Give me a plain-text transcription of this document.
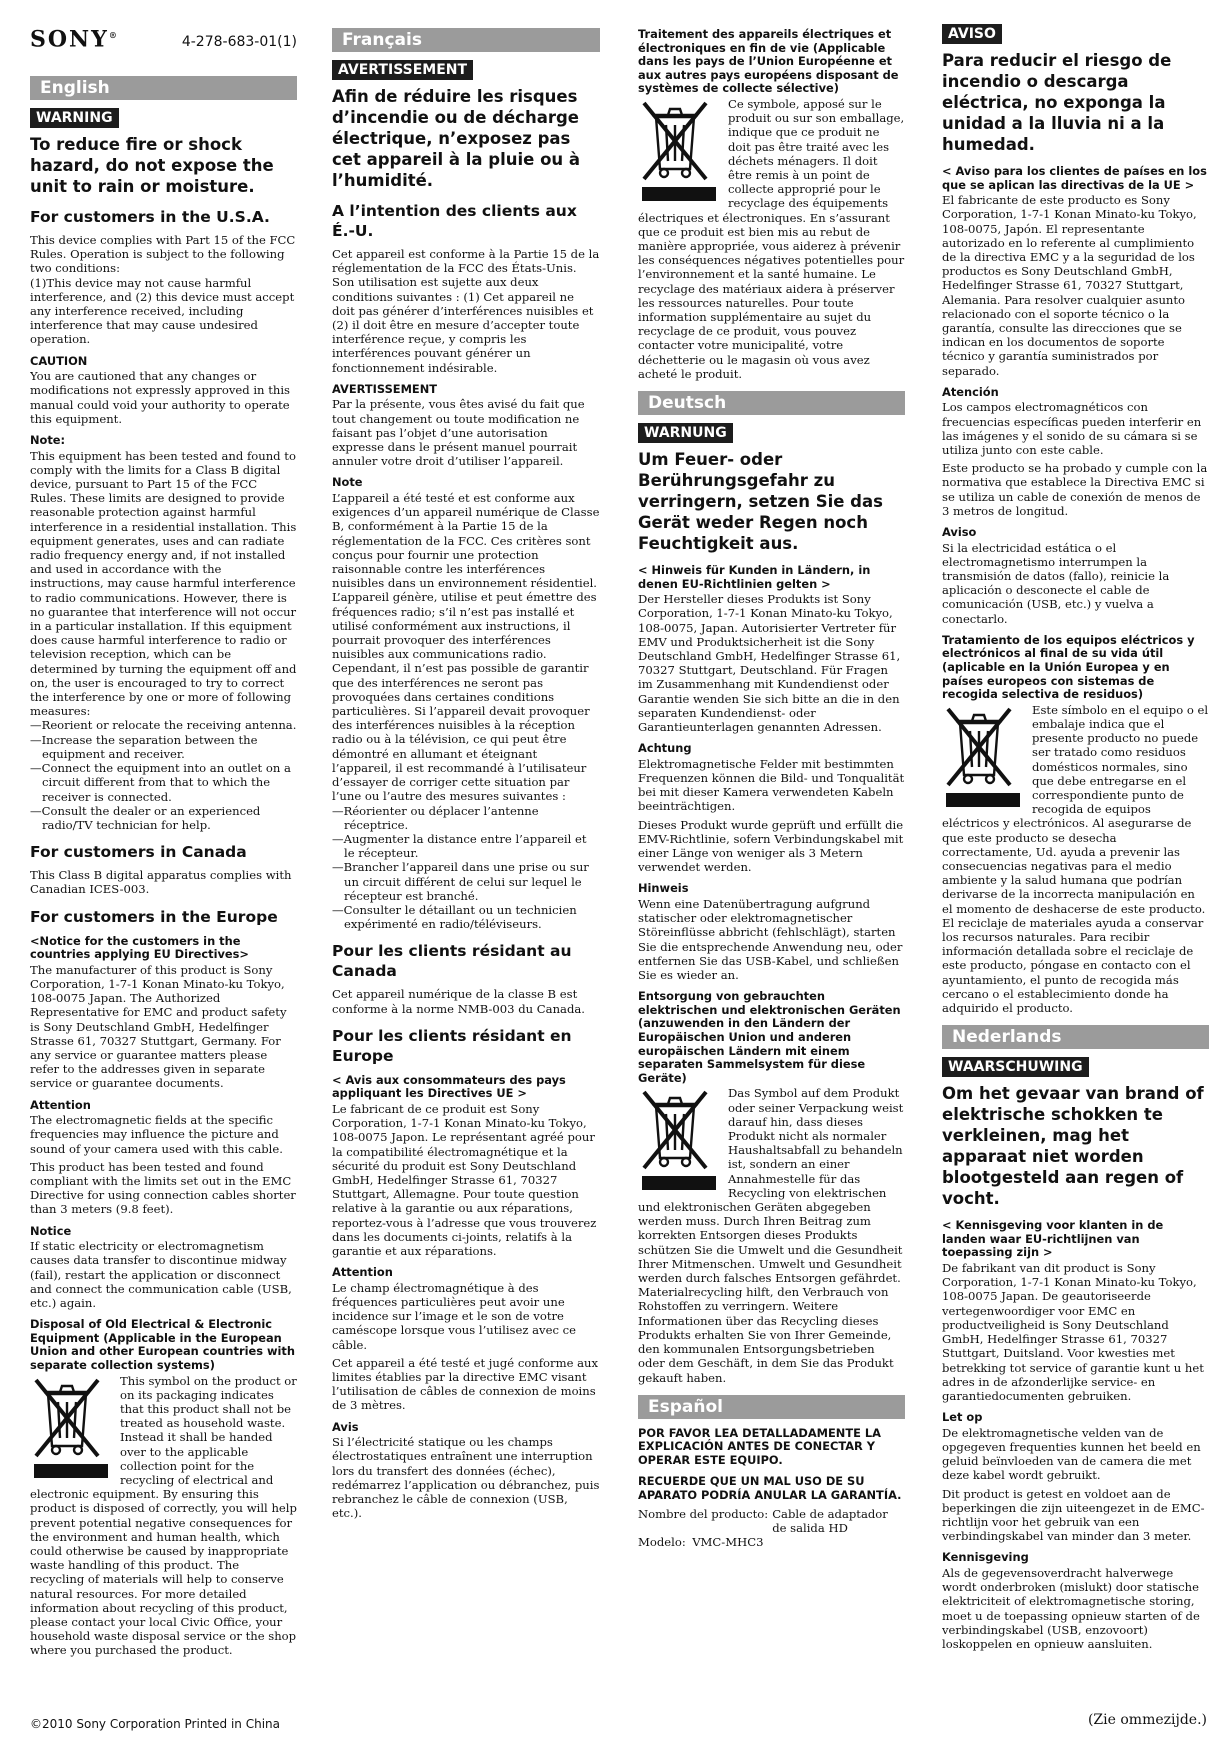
SONY®	4-278-683-01(1)
English
WARNING
To reduce fire or shock hazard, do not expose the unit to rain or moisture.
For customers in the U.S.A.

This device complies with Part 15 of the FCC Rules. Operation is subject to the following two conditions:
(1)This device may not cause harmful interference, and (2) this device must accept any interference received, including interference that may cause undesired operation.

CAUTION

You are cautioned that any changes or modifications not expressly approved in this manual could void your authority to operate this equipment.

Note:

This equipment has been tested and found to comply with the limits for a Class B digital device, pursuant to Part 15 of the FCC Rules. These limits are designed to provide reasonable protection against harmful interference in a residential installation. This equipment generates, uses and can radiate radio frequency energy and, if not installed and used in accordance with the instructions, may cause harmful interference to radio communications. However, there is no guarantee that interference will not occur in a particular installation. If this equipment does cause harmful interference to radio or television reception, which can be determined by turning the equipment off and on, the user is encouraged to try to correct the interference by one or more of following measures:

—Reorient or relocate the receiving antenna.
—Increase the separation between the equipment and receiver.
—Connect the equipment into an outlet on a circuit different from that to which the receiver is connected.
—Consult the dealer or an experienced radio/TV technician for help.
For customers in Canada

This Class B digital apparatus complies with Canadian ICES-003.

For customers in the Europe
<Notice for the customers in the countries applying EU Directives>

The manufacturer of this product is Sony Corporation, 1-7-1 Konan Minato-ku Tokyo, 108-0075 Japan. The Authorized Representative for EMC and product safety is Sony Deutschland GmbH, Hedelfinger Strasse 61, 70327 Stuttgart, Germany. For any service or guarantee matters please refer to the addresses given in separate service or guarantee documents.

Attention

The electromagnetic fields at the specific frequencies may influence the picture and sound of your camera used with this cable.

This product has been tested and found compliant with the limits set out in the EMC Directive for using connection cables shorter than 3 meters (9.8 feet).

Notice

If static electricity or electromagnetism causes data transfer to discontinue midway (fail), restart the application or disconnect and connect the communication cable (USB, etc.) again.

Disposal of Old Electrical & Electronic Equipment (Applicable in the European Union and other European countries with separate collection systems)
This symbol on the product or on its packaging indicates that this product shall not be treated as household waste. Instead it shall be handed over to the applicable collection point for the recycling of electrical and electronic equipment. By ensuring this product is disposed of correctly, you will help prevent potential negative consequences for the environment and human health, which could otherwise be caused by inappropriate waste handling of this product. The recycling of materials will help to conserve natural resources. For more detailed information about recycling of this product, please contact your local Civic Office, your household waste disposal service or the shop where you purchased the product.
Français
AVERTISSEMENT
Afin de réduire les risques d’incendie ou de décharge électrique, n’exposez pas cet appareil à la pluie ou à l’humidité.
A l’intention des clients aux É.-U.

Cet appareil est conforme à la Partie 15 de la réglementation de la FCC des États-Unis. Son utilisation est sujette aux deux conditions suivantes : (1) Cet appareil ne doit pas générer d’interférences nuisibles et (2) il doit être en mesure d’accepter toute interférence reçue, y compris les interférences pouvant générer un fonctionnement indésirable.

AVERTISSEMENT

Par la présente, vous êtes avisé du fait que tout changement ou toute modification ne faisant pas l’objet d’une autorisation expresse dans le présent manuel pourrait annuler votre droit d’utiliser l’appareil.

Note

L’appareil a été testé et est conforme aux exigences d’un appareil numérique de Classe B, conformément à la Partie 15 de la réglementation de la FCC. Ces critères sont conçus pour fournir une protection raisonnable contre les interférences nuisibles dans un environnement résidentiel. L’appareil génère, utilise et peut émettre des fréquences radio; s’il n’est pas installé et utilisé conformément aux instructions, il pourrait provoquer des interférences nuisibles aux communications radio. Cependant, il n’est pas possible de garantir que des interférences ne seront pas provoquées dans certaines conditions particulières. Si l’appareil devait provoquer des interférences nuisibles à la réception radio ou à la télévision, ce qui peut être démontré en allumant et éteignant l’appareil, il est recommandé à l’utilisateur d’essayer de corriger cette situation par l’une ou l’autre des mesures suivantes :

—Réorienter ou déplacer l’antenne réceptrice.
—Augmenter la distance entre l’appareil et le récepteur.
—Brancher l’appareil dans une prise ou sur un circuit différent de celui sur lequel le récepteur est branché.
—Consulter le détaillant ou un technicien expérimenté en radio/téléviseurs.
Pour les clients résidant au Canada

Cet appareil numérique de la classe B est conforme à la norme NMB-003 du Canada.

Pour les clients résidant en Europe
< Avis aux consommateurs des pays appliquant les Directives UE >

Le fabricant de ce produit est Sony Corporation, 1-7-1 Konan Minato-ku Tokyo, 108-0075 Japon. Le représentant agréé pour la compatibilité électromagnétique et la sécurité du produit est Sony Deutschland GmbH, Hedelfinger Strasse 61, 70327 Stuttgart, Allemagne. Pour toute question relative à la garantie ou aux réparations, reportez-vous à l’adresse que vous trouverez dans les documents ci-joints, relatifs à la garantie et aux réparations.

Attention

Le champ électromagnétique à des fréquences particulières peut avoir une incidence sur l’image et le son de votre caméscope lorsque vous l’utilisez avec ce câble.

Cet appareil a été testé et jugé conforme aux limites établies par la directive EMC visant l’utilisation de câbles de connexion de moins de 3 mètres.

Avis

Si l’électricité statique ou les champs électrostatiques entraînent une interruption lors du transfert des données (échec), redémarrez l’application ou débranchez, puis rebranchez le câble de connexion (USB, etc.).

Traitement des appareils électriques et électroniques en fin de vie (Applicable dans les pays de l’Union Européenne et aux autres pays européens disposant de systèmes de collecte sélective)
Ce symbole, apposé sur le produit ou sur son emballage, indique que ce produit ne doit pas être traité avec les déchets ménagers. Il doit être remis à un point de collecte approprié pour le recyclage des équipements électriques et électroniques. En s’assurant que ce produit est bien mis au rebut de manière appropriée, vous aiderez à prévenir les conséquences négatives potentielles pour l’environnement et la santé humaine. Le recyclage des matériaux aidera à préserver les ressources naturelles. Pour toute information supplémentaire au sujet du recyclage de ce produit, vous pouvez contacter votre municipalité, votre déchetterie ou le magasin où vous avez acheté le produit.
Deutsch
WARNUNG
Um Feuer- oder Berührungsgefahr zu verringern, setzen Sie das Gerät weder Regen noch Feuchtigkeit aus.
< Hinweis für Kunden in Ländern, in denen EU-Richtlinien gelten >

Der Hersteller dieses Produkts ist Sony Corporation, 1-7-1 Konan Minato-ku Tokyo, 108-0075, Japan. Autorisierter Vertreter für EMV und Produktsicherheit ist die Sony Deutschland GmbH, Hedelfinger Strasse 61, 70327 Stuttgart, Deutschland. Für Fragen im Zusammenhang mit Kundendienst oder Garantie wenden Sie sich bitte an die in den separaten Kundendienst- oder Garantieunterlagen genannten Adressen.

Achtung

Elektromagnetische Felder mit bestimmten Frequenzen können die Bild- und Tonqualität bei mit dieser Kamera verwendeten Kabeln beeinträchtigen.

Dieses Produkt wurde geprüft und erfüllt die EMV-Richtlinie, sofern Verbindungskabel mit einer Länge von weniger als 3 Metern verwendet werden.

Hinweis

Wenn eine Datenübertragung aufgrund statischer oder elektromagnetischer Störeinflüsse abbricht (fehlschlägt), starten Sie die entsprechende Anwendung neu, oder entfernen Sie das USB-Kabel, und schließen Sie es wieder an.

Entsorgung von gebrauchten elektrischen und elektronischen Geräten (anzuwenden in den Ländern der Europäischen Union und anderen europäischen Ländern mit einem separaten Sammelsystem für diese Geräte)
Das Symbol auf dem Produkt oder seiner Verpackung weist darauf hin, dass dieses Produkt nicht als normaler Haushaltsabfall zu behandeln ist, sondern an einer Annahmestelle für das Recycling von elektrischen und elektronischen Geräten abgegeben werden muss. Durch Ihren Beitrag zum korrekten Entsorgen dieses Produkts schützen Sie die Umwelt und die Gesundheit Ihrer Mitmenschen. Umwelt und Gesundheit werden durch falsches Entsorgen gefährdet. Materialrecycling hilft, den Verbrauch von Rohstoffen zu verringern. Weitere Informationen über das Recycling dieses Produkts erhalten Sie von Ihrer Gemeinde, den kommunalen Entsorgungsbetrieben oder dem Geschäft, in dem Sie das Produkt gekauft haben.
Español
POR FAVOR LEA DETALLADAMENTE LA EXPLICACIÓN ANTES DE CONECTAR Y OPERAR ESTE EQUIPO.
RECUERDE QUE UN MAL USO DE SU APARATO PODRÍA ANULAR LA GARANTÍA.
Nombre del producto:	Cable de adaptador de salida HD
Modelo:	VMC-MHC3
AVISO
Para reducir el riesgo de incendio o descarga eléctrica, no exponga la unidad a la lluvia ni a la humedad.
< Aviso para los clientes de países en los que se aplican las directivas de la UE >

El fabricante de este producto es Sony Corporation, 1-7-1 Konan Minato-ku Tokyo, 108-0075, Japón. El representante autorizado en lo referente al cumplimiento de la directiva EMC y a la seguridad de los productos es Sony Deutschland GmbH, Hedelfinger Strasse 61, 70327 Stuttgart, Alemania. Para resolver cualquier asunto relacionado con el soporte técnico o la garantía, consulte las direcciones que se indican en los documentos de soporte técnico y garantía suministrados por separado.

Atención

Los campos electromagnéticos con frecuencias específicas pueden interferir en las imágenes y el sonido de su cámara si se utiliza junto con este cable.

Este producto se ha probado y cumple con la normativa que establece la Directiva EMC si se utiliza un cable de conexión de menos de 3 metros de longitud.

Aviso

Si la electricidad estática o el electromagnetismo interrumpen la transmisión de datos (fallo), reinicie la aplicación o desconecte el cable de comunicación (USB, etc.) y vuelva a conectarlo.

Tratamiento de los equipos eléctricos y electrónicos al final de su vida útil (aplicable en la Unión Europea y en países europeos con sistemas de recogida selectiva de residuos)
Este símbolo en el equipo o el embalaje indica que el presente producto no puede ser tratado como residuos domésticos normales, sino que debe entregarse en el correspondiente punto de recogida de equipos eléctricos y electrónicos. Al asegurarse de que este producto se desecha correctamente, Ud. ayuda a prevenir las consecuencias negativas para el medio ambiente y la salud humana que podrían derivarse de la incorrecta manipulación en el momento de deshacerse de este producto. El reciclaje de materiales ayuda a conservar los recursos naturales. Para recibir información detallada sobre el reciclaje de este producto, póngase en contacto con el ayuntamiento, el punto de recogida más cercano o el establecimiento donde ha adquirido el producto.
Nederlands
WAARSCHUWING
Om het gevaar van brand of elektrische schokken te verkleinen, mag het apparaat niet worden blootgesteld aan regen of vocht.
< Kennisgeving voor klanten in de landen waar EU-richtlijnen van toepassing zijn >

De fabrikant van dit product is Sony Corporation, 1-7-1 Konan Minato-ku Tokyo, 108-0075 Japan. De geautoriseerde vertegenwoordiger voor EMC en productveiligheid is Sony Deutschland GmbH, Hedelfinger Strasse 61, 70327 Stuttgart, Duitsland. Voor kwesties met betrekking tot service of garantie kunt u het adres in de afzonderlijke service- en garantiedocumenten gebruiken.

Let op

De elektromagnetische velden van de opgegeven frequenties kunnen het beeld en geluid beïnvloeden van de camera die met deze kabel wordt gebruikt.

Dit product is getest en voldoet aan de beperkingen die zijn uiteengezet in de EMC-richtlijn voor het gebruik van een verbindingskabel van minder dan 3 meter.

Kennisgeving

Als de gegevensoverdracht halverwege wordt onderbroken (mislukt) door statische elektriciteit of elektromagnetische storing, moet u de toepassing opnieuw starten of de verbindingskabel (USB, enzovoort) loskoppelen en opnieuw aansluiten.

©2010 Sony Corporation Printed in China	(Zie ommezijde.)
